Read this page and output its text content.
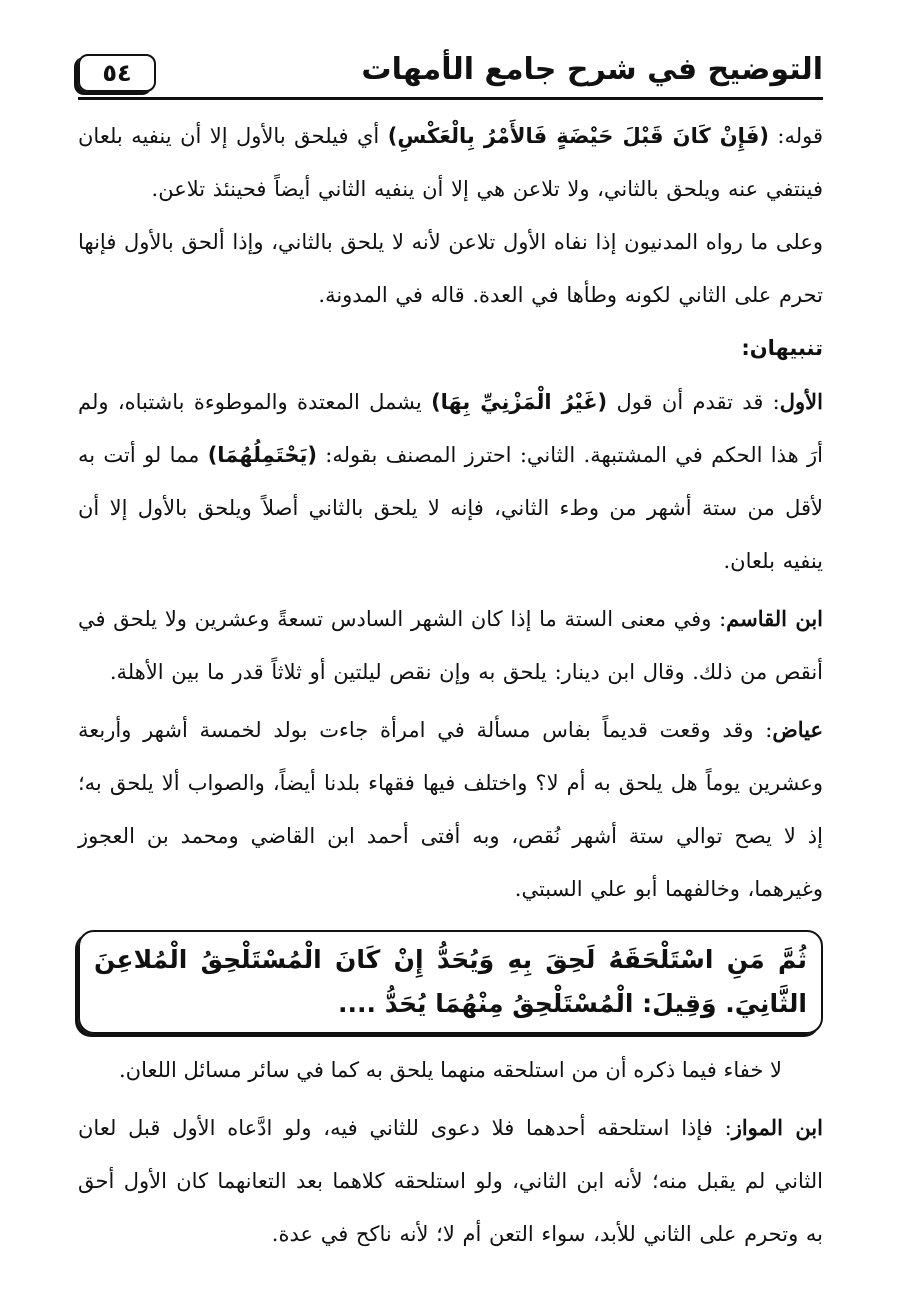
التوضيح في شرح جامع الأمهات
٥٤

قوله: (فَإِنْ كَانَ قَبْلَ حَيْضَةٍ فَالأَمْرُ بِالْعَكْسِ) أي فيلحق بالأول إلا أن ينفيه بلعان فينتفي عنه ويلحق بالثاني، ولا تلاعن هي إلا أن ينفيه الثاني أيضاً فحينئذ تلاعن.

وعلى ما رواه المدنيون إذا نفاه الأول تلاعن لأنه لا يلحق بالثاني، وإذا ألحق بالأول فإنها تحرم على الثاني لكونه وطأها في العدة. قاله في المدونة.

تنبيهان:

الأول: قد تقدم أن قول (غَيْرُ الْمَزْنِيِّ بِهَا) يشمل المعتدة والموطوءة باشتباه، ولم أرَ هذا الحكم في المشتبهة. الثاني: احترز المصنف بقوله: (يَحْتَمِلُهُمَا) مما لو أتت به لأقل من ستة أشهر من وطء الثاني، فإنه لا يلحق بالثاني أصلاً ويلحق بالأول إلا أن ينفيه بلعان.

ابن القاسم: وفي معنى الستة ما إذا كان الشهر السادس تسعةً وعشرين ولا يلحق في أنقص من ذلك. وقال ابن دينار: يلحق به وإن نقص ليلتين أو ثلاثاً قدر ما بين الأهلة.

عياض: وقد وقعت قديماً بفاس مسألة في امرأة جاءت بولد لخمسة أشهر وأربعة وعشرين يوماً هل يلحق به أم لا؟ واختلف فيها فقهاء بلدنا أيضاً، والصواب ألا يلحق به؛ إذ لا يصح توالي ستة أشهر نُقص، وبه أفتى أحمد ابن القاضي ومحمد بن العجوز وغيرهما، وخالفهما أبو علي السبتي.

ثُمَّ مَنِ اسْتَلْحَقَهُ لَحِقَ بِهِ وَيُحَدُّ إِنْ كَانَ الْمُسْتَلْحِقُ الْمُلاعِنَ الثَّانِيَ. وَقِيلَ: الْمُسْتَلْحِقُ مِنْهُمَا يُحَدُّ ....

لا خفاء فيما ذكره أن من استلحقه منهما يلحق به كما في سائر مسائل اللعان.

ابن المواز: فإذا استلحقه أحدهما فلا دعوى للثاني فيه، ولو ادَّعاه الأول قبل لعان الثاني لم يقبل منه؛ لأنه ابن الثاني، ولو استلحقه كلاهما بعد التعانهما كان الأول أحق به وتحرم على الثاني للأبد، سواء التعن أم لا؛ لأنه ناكح في عدة.
